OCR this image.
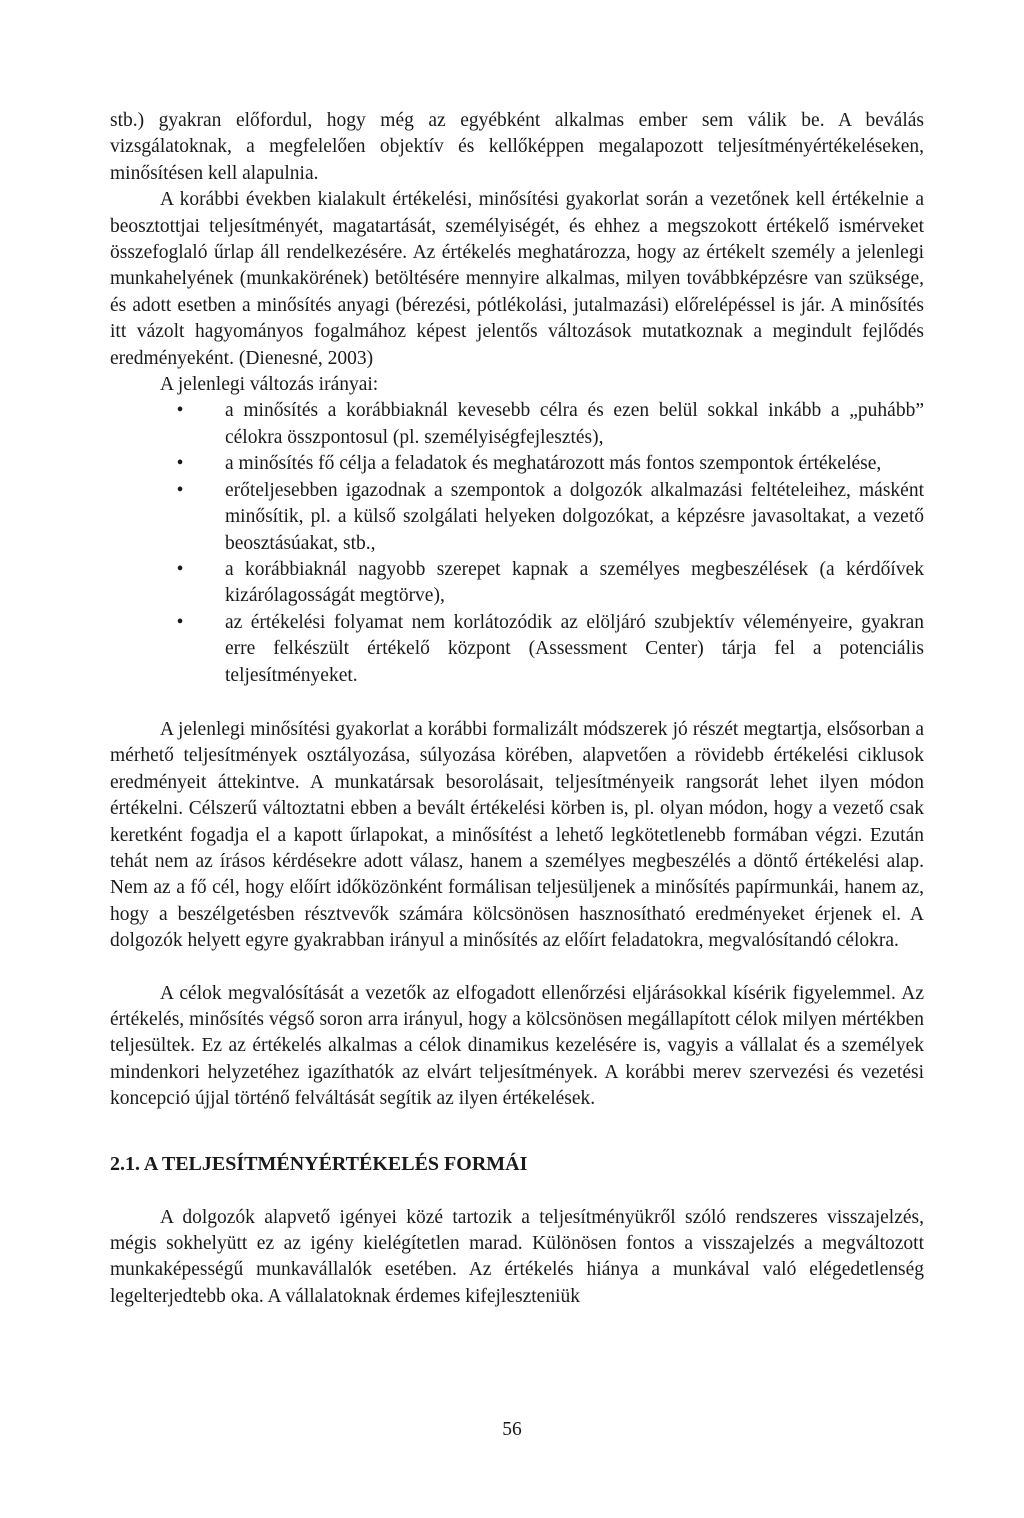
stb.) gyakran előfordul, hogy még az egyébként alkalmas ember sem válik be. A beválás vizsgálatoknak, a megfelelően objektív és kellőképpen megalapozott teljesítményértékeléseken, minősítésen kell alapulnia.

A korábbi években kialakult értékelési, minősítési gyakorlat során a vezetőnek kell értékelnie a beosztottjai teljesítményét, magatartását, személyiségét, és ehhez a megszokott értékelő ismérveket összefoglaló űrlap áll rendelkezésére. Az értékelés meghatározza, hogy az értékelt személy a jelenlegi munkahelyének (munkakörének) betöltésére mennyire alkalmas, milyen továbbképzésre van szüksége, és adott esetben a minősítés anyagi (bérezési, pótlékolási, jutalmazási) előrelépéssel is jár. A minősítés itt vázolt hagyományos fogalmához képest jelentős változások mutatkoznak a megindult fejlődés eredményeként. (Dienesné, 2003)

A jelenlegi változás irányai:

•	a minősítés a korábbiaknál kevesebb célra és ezen belül sokkal inkább a „puhább” célokra összpontosul (pl. személyiségfejlesztés),
•	a minősítés fő célja a feladatok és meghatározott más fontos szempontok értékelése,
•	erőteljesebben igazodnak a szempontok a dolgozók alkalmazási feltételeihez, másként minősítik, pl. a külső szolgálati helyeken dolgozókat, a képzésre javasoltakat, a vezető beosztásúakat, stb.,
•	a korábbiaknál nagyobb szerepet kapnak a személyes megbeszélések (a kérdőívek kizárólagosságát megtörve),
•	az értékelési folyamat nem korlátozódik az elöljáró szubjektív véleményeire, gyakran erre felkészült értékelő központ (Assessment Center) tárja fel a potenciális teljesítményeket.

A jelenlegi minősítési gyakorlat a korábbi formalizált módszerek jó részét megtartja, elsősorban a mérhető teljesítmények osztályozása, súlyozása körében, alapvetően a rövidebb értékelési ciklusok eredményeit áttekintve. A munkatársak besorolásait, teljesítményeik rangsorát lehet ilyen módon értékelni. Célszerű változtatni ebben a bevált értékelési körben is, pl. olyan módon, hogy a vezető csak keretként fogadja el a kapott űrlapokat, a minősítést a lehető legkötetlenebb formában végzi. Ezután tehát nem az írásos kérdésekre adott válasz, hanem a személyes megbeszélés a döntő értékelési alap. Nem az a fő cél, hogy előírt időközönként formálisan teljesüljenek a minősítés papírmunkái, hanem az, hogy a beszélgetésben résztvevők számára kölcsönösen hasznosítható eredményeket érjenek el. A dolgozók helyett egyre gyakrabban irányul a minősítés az előírt feladatokra, megvalósítandó célokra.

A célok megvalósítását a vezetők az elfogadott ellenőrzési eljárásokkal kísérik figyelemmel. Az értékelés, minősítés végső soron arra irányul, hogy a kölcsönösen megállapított célok milyen mértékben teljesültek. Ez az értékelés alkalmas a célok dinamikus kezelésére is, vagyis a vállalat és a személyek mindenkori helyzetéhez igazíthatók az elvárt teljesítmények. A korábbi merev szervezési és vezetési koncepció újjal történő felváltását segítik az ilyen értékelések.

2.1. A TELJESÍTMÉNYÉRTÉKELÉS FORMÁI

A dolgozók alapvető igényei közé tartozik a teljesítményükről szóló rendszeres visszajelzés, mégis sokhelyütt ez az igény kielégítetlen marad. Különösen fontos a visszajelzés a megváltozott munkaképességű munkavállalók esetében. Az értékelés hiánya a munkával való elégedetlenség legelterjedtebb oka. A vállalatoknak érdemes kifejleszteniük

56
